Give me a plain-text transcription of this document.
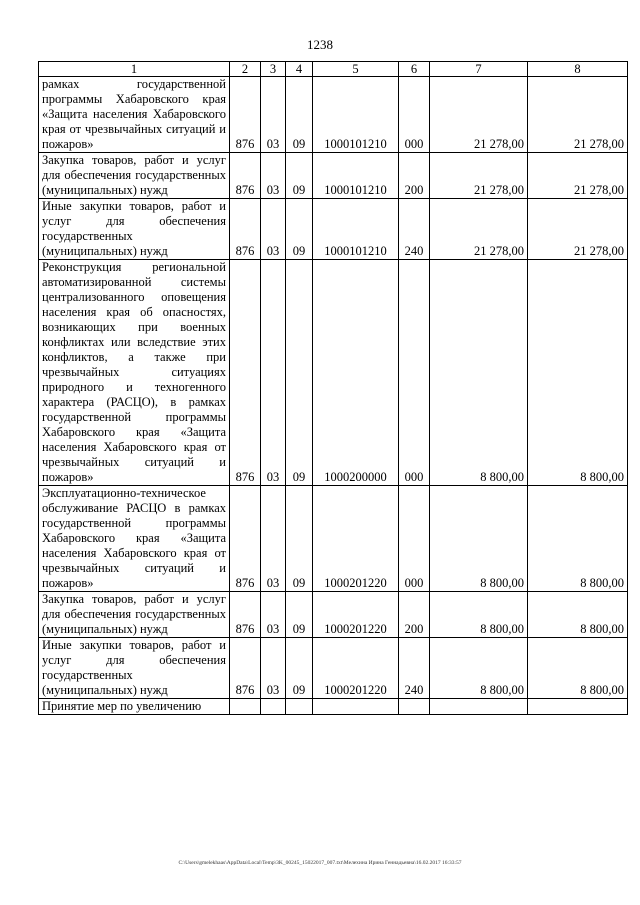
1238
1	2	3	4	5	6	7	8
рамках государственной программы Хабаровского края «Защита населения Хабаровского края от чрезвычайных ситуаций и пожаров»	876	03	09	1000101210	000	21 278,00	21 278,00
Закупка товаров, работ и услуг для обеспечения государственных (муниципальных) нужд	876	03	09	1000101210	200	21 278,00	21 278,00
Иные закупки товаров, работ и услуг для обеспечения государственных (муниципальных) нужд	876	03	09	1000101210	240	21 278,00	21 278,00
Реконструкция региональной автоматизированной системы централизованного оповещения населения края об опасностях, возникающих при военных конфликтах или вследствие этих конфликтов, а также при чрезвычайных ситуациях природного и техногенного характера (РАСЦО), в рамках государственной программы Хабаровского края «Защита населения Хабаровского края от чрезвычайных ситуаций и пожаров»	876	03	09	1000200000	000	8 800,00	8 800,00
Эксплуатационно-техническое обслуживание РАСЦО в рамках государственной программы Хабаровского края «Защита населения Хабаровского края от чрезвычайных ситуаций и пожаров»	876	03	09	1000201220	000	8 800,00	8 800,00
Закупка товаров, работ и услуг для обеспечения государственных (муниципальных) нужд	876	03	09	1000201220	200	8 800,00	8 800,00
Иные закупки товаров, работ и услуг для обеспечения государственных (муниципальных) нужд	876	03	09	1000201220	240	8 800,00	8 800,00
Принятие мер по увеличению							
C:\Users\gmelekhaas\AppData\Local\Temp\3K_00245_15022017_007.txt\Мелехина Ирина Геннадьевна\16.02.2017 16:33:57
